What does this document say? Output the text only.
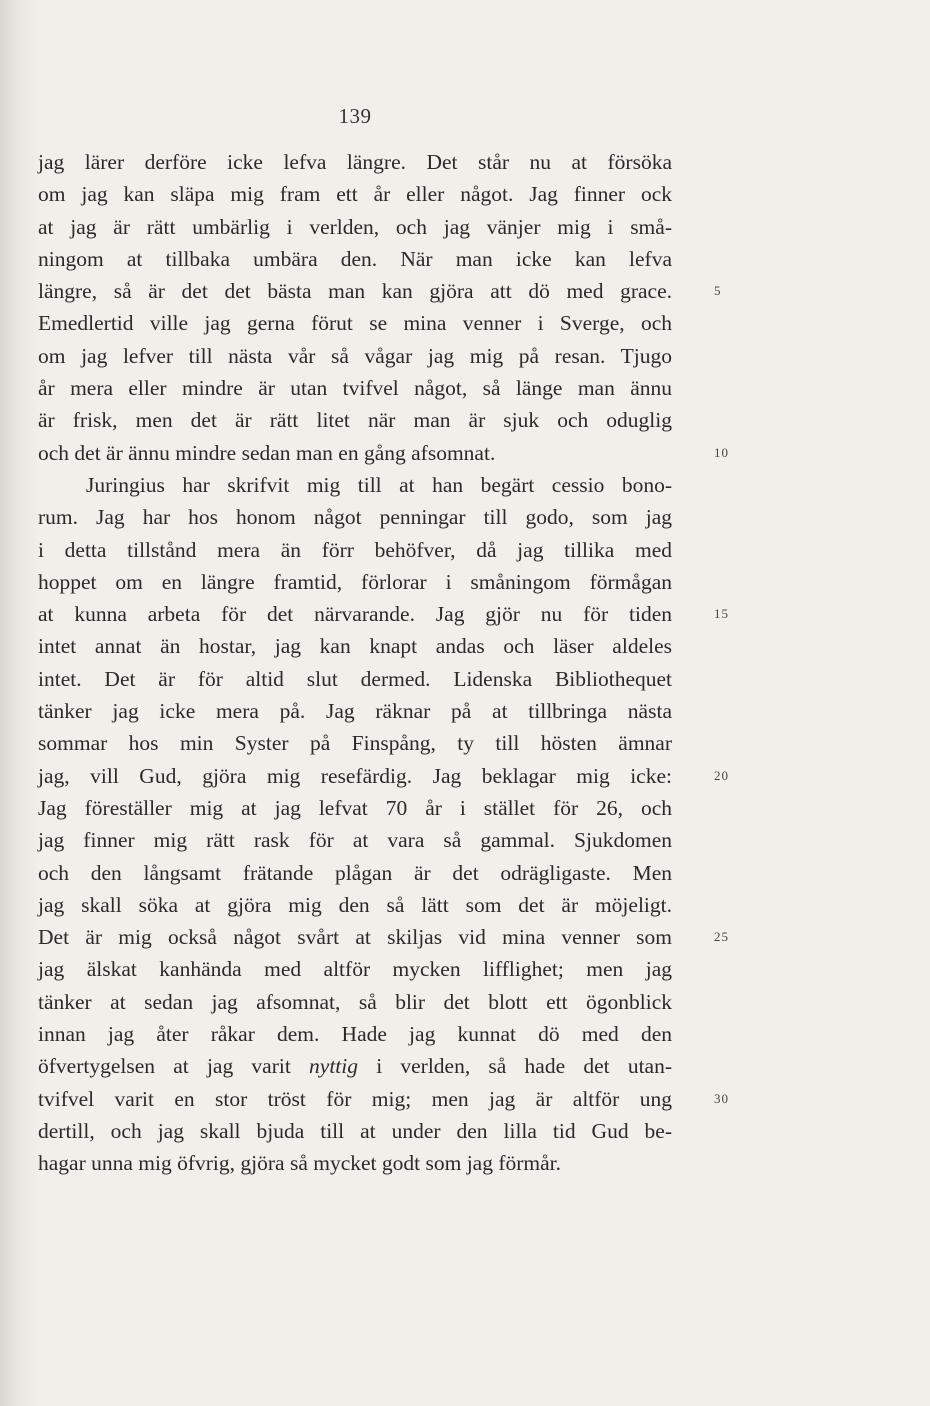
139
jag lärer derföre icke lefva längre. Det står nu at försöka
om jag kan släpa mig fram ett år eller något. Jag finner ock
at jag är rätt umbärlig i verlden, och jag vänjer mig i små-
ningom at tillbaka umbära den. När man icke kan lefva
längre, så är det det bästa man kan gjöra att dö med grace.	5
Emedlertid ville jag gerna förut se mina venner i Sverge, och
om jag lefver till nästa vår så vågar jag mig på resan. Tjugo
år mera eller mindre är utan tvifvel något, så länge man ännu
är frisk, men det är rätt litet när man är sjuk och oduglig
och det är ännu mindre sedan man en gång afsomnat.	10
Juringius har skrifvit mig till at han begärt cessio bono-
rum. Jag har hos honom något penningar till godo, som jag
i detta tillstånd mera än förr behöfver, då jag tillika med
hoppet om en längre framtid, förlorar i småningom förmågan
at kunna arbeta för det närvarande. Jag gjör nu för tiden	15
intet annat än hostar, jag kan knapt andas och läser aldeles
intet. Det är för altid slut dermed. Lidenska Bibliothequet
tänker jag icke mera på. Jag räknar på at tillbringa nästa
sommar hos min Syster på Finspång, ty till hösten ämnar
jag, vill Gud, gjöra mig resefärdig. Jag beklagar mig icke:	20
Jag föreställer mig at jag lefvat 70 år i stället för 26, och
jag finner mig rätt rask för at vara så gammal. Sjukdomen
och den långsamt frätande plågan är det odrägligaste. Men
jag skall söka at gjöra mig den så lätt som det är möjeligt.
Det är mig också något svårt at skiljas vid mina venner som	25
jag älskat kanhända med altför mycken lifflighet; men jag
tänker at sedan jag afsomnat, så blir det blott ett ögonblick
innan jag åter råkar dem. Hade jag kunnat dö med den
öfvertygelsen at jag varit nyttig i verlden, så hade det utan-
tvifvel varit en stor tröst för mig; men jag är altför ung	30
dertill, och jag skall bjuda till at under den lilla tid Gud be-
hagar unna mig öfvrig, gjöra så mycket godt som jag förmår.
